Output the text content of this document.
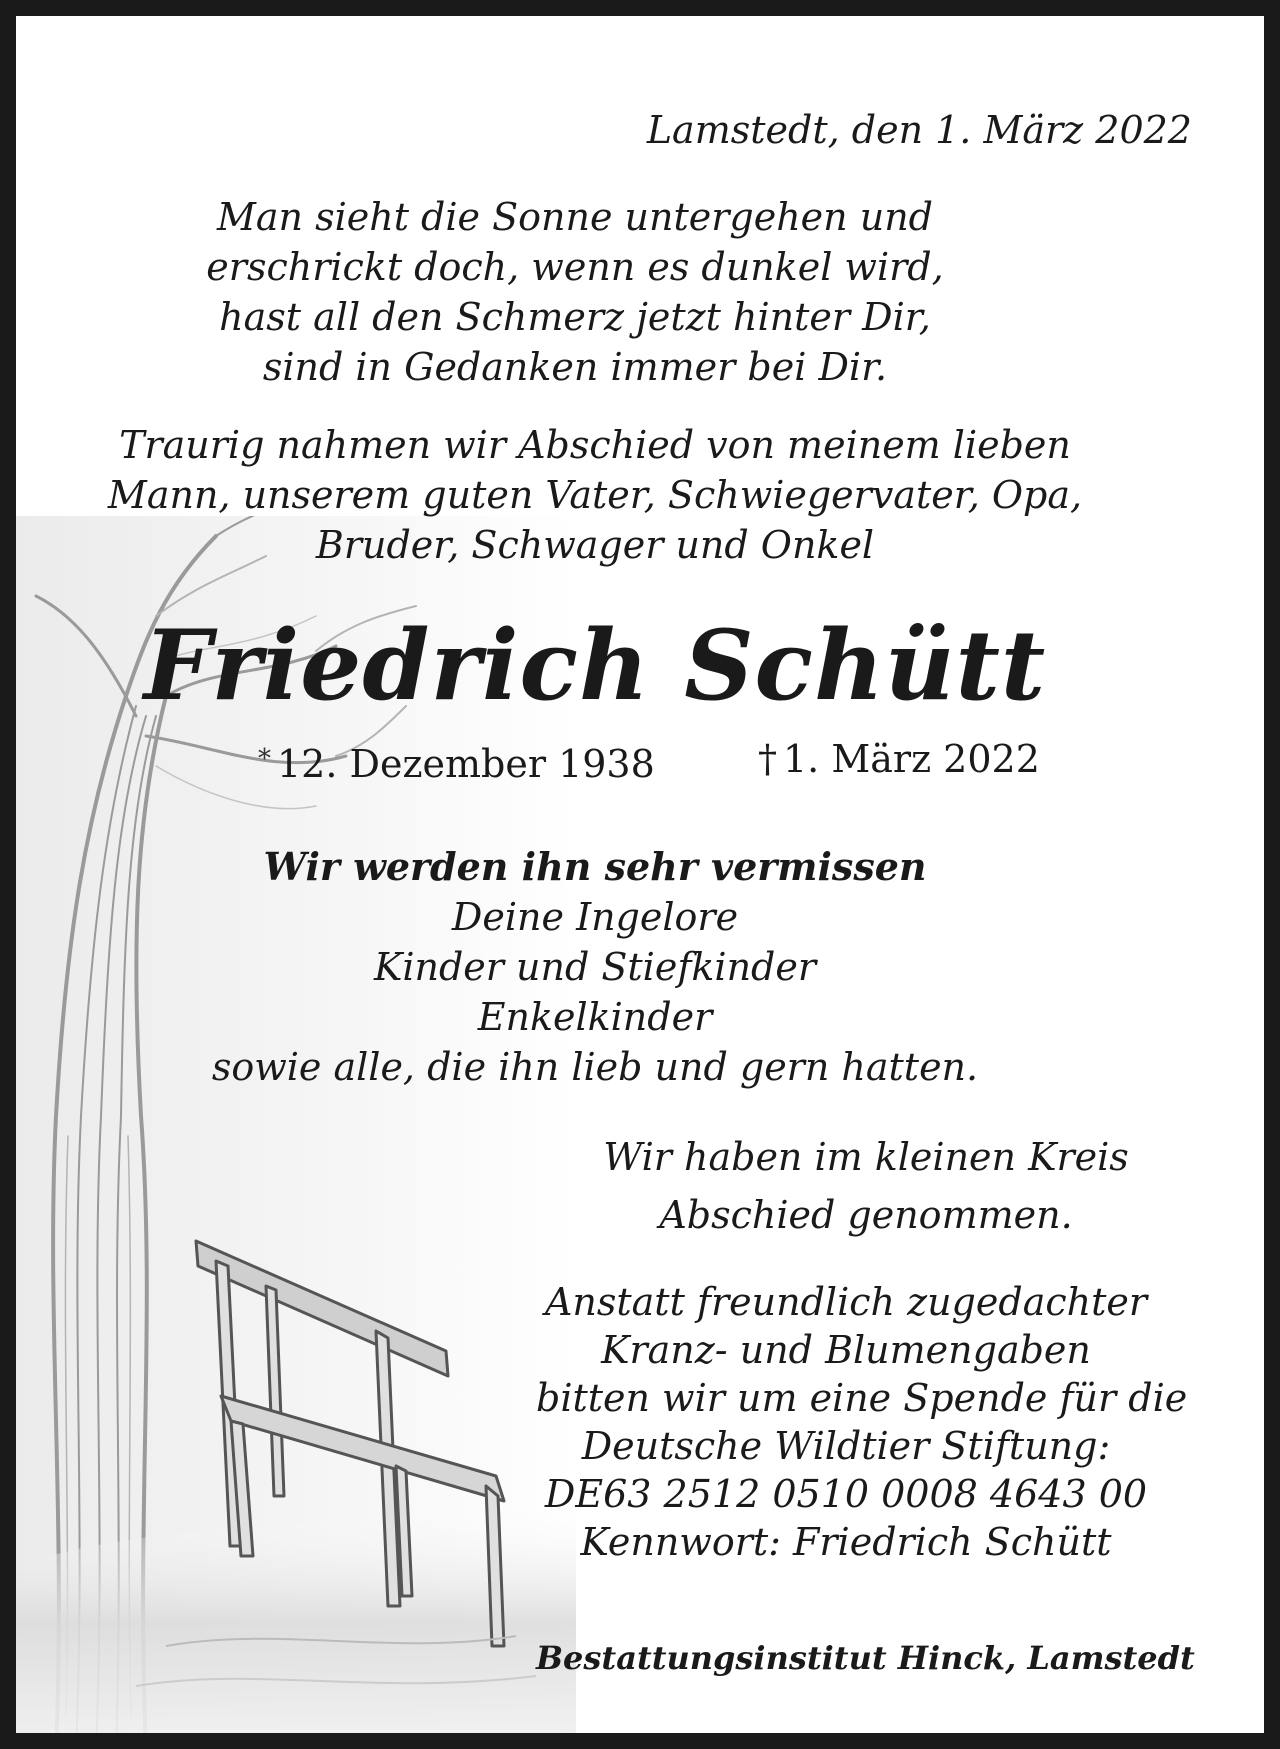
Lamstedt, den 1. März 2022

Man sieht die Sonne untergehen und
erschrickt doch, wenn es dunkel wird,
hast all den Schmerz jetzt hinter Dir,
sind in Gedanken immer bei Dir.
Traurig nahmen wir Abschied von meinem lieben
Mann, unserem guten Vater, Schwiegervater, Opa,
Bruder, Schwager und Onkel
Friedrich Schütt
* 12. Dezember 1938	† 1. März 2022
Wir werden ihn sehr vermissen
Deine Ingelore
Kinder und Stiefkinder
Enkelkinder
sowie alle, die ihn lieb und gern hatten.
Wir haben im kleinen Kreis
Abschied genommen.
Anstatt freundlich zugedachter
Kranz- und Blumengaben
bitten wir um eine Spende für die
Deutsche Wildtier Stiftung:
DE63 2512 0510 0008 4643 00
Kennwort: Friedrich Schütt
Bestattungsinstitut Hinck, Lamstedt
